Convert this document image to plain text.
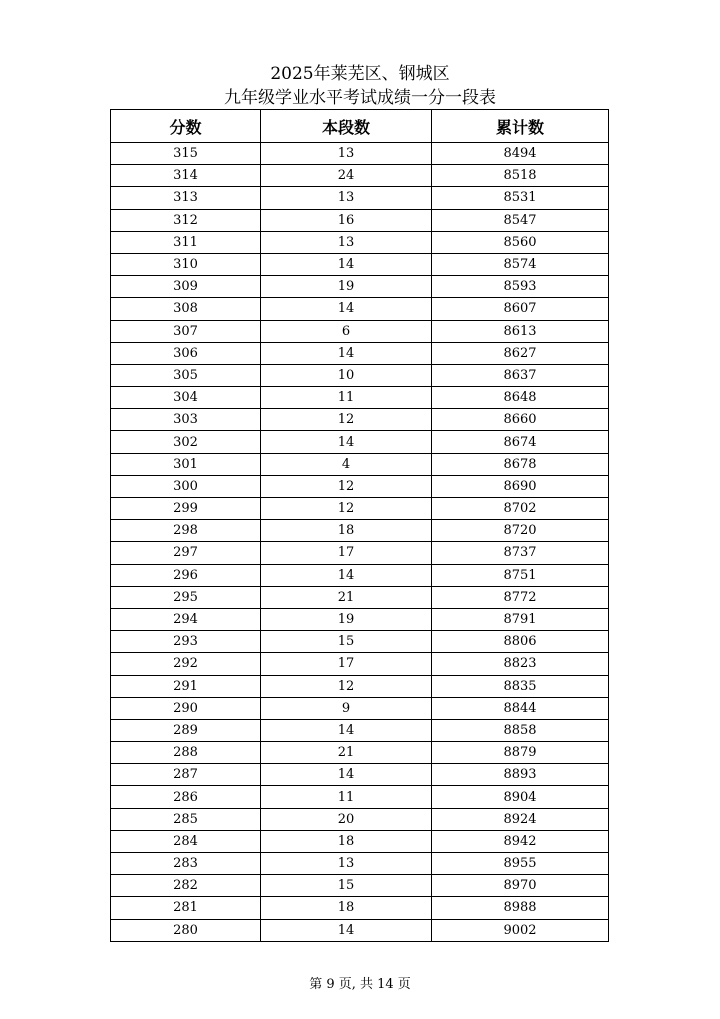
2025年莱芜区、钢城区
九年级学业水平考试成绩一分一段表
分数	本段数	累计数
315	13	8494
314	24	8518
313	13	8531
312	16	8547
311	13	8560
310	14	8574
309	19	8593
308	14	8607
307	6	8613
306	14	8627
305	10	8637
304	11	8648
303	12	8660
302	14	8674
301	4	8678
300	12	8690
299	12	8702
298	18	8720
297	17	8737
296	14	8751
295	21	8772
294	19	8791
293	15	8806
292	17	8823
291	12	8835
290	9	8844
289	14	8858
288	21	8879
287	14	8893
286	11	8904
285	20	8924
284	18	8942
283	13	8955
282	15	8970
281	18	8988
280	14	9002
第 9 页, 共 14 页
